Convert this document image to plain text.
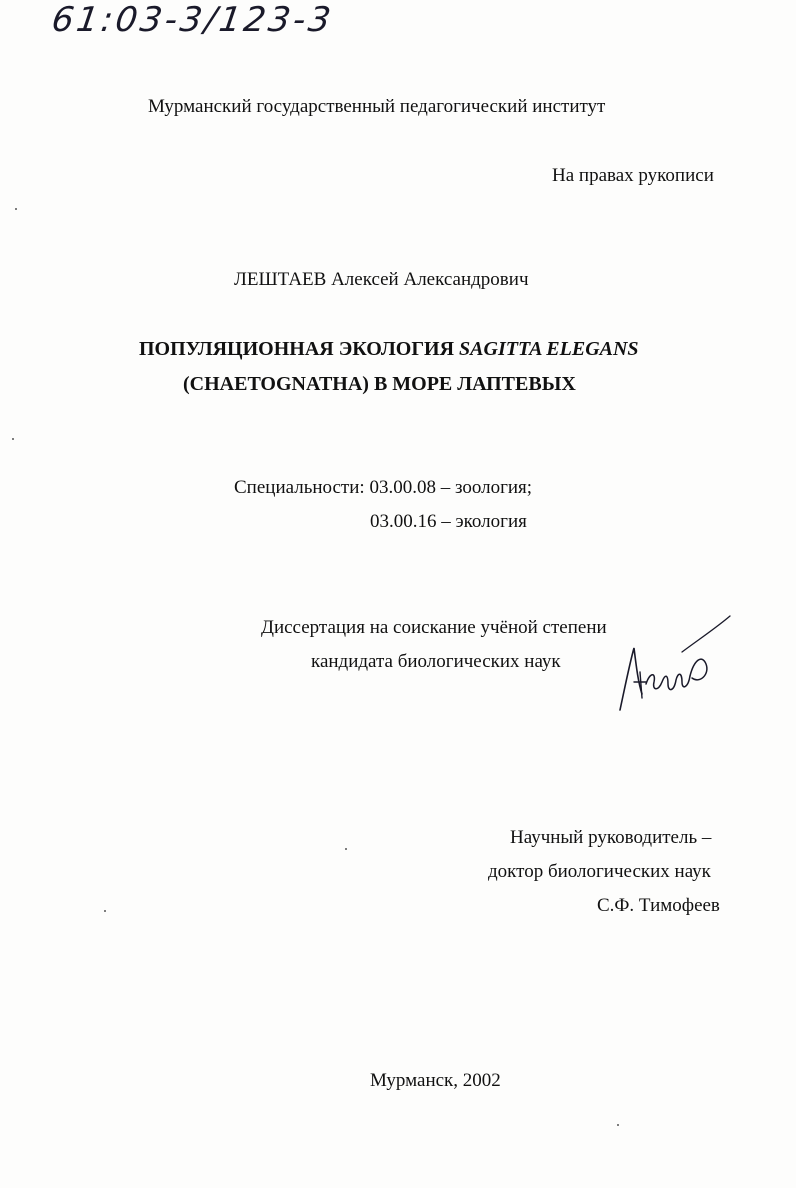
61:03-3/123-3
Мурманский государственный педагогический институт
На правах рукописи
ЛЕШТАЕВ Алексей Александрович
ПОПУЛЯЦИОННАЯ ЭКОЛОГИЯ SAGITTA ELEGANS
(CHAETOGNATHA) В МОРЕ ЛАПТЕВЫХ
Специальности: 03.00.08 – зоология;
03.00.16 – экология
Диссертация на соискание учёной степени
кандидата биологических наук
Научный руководитель –
доктор биологических наук
С.Ф. Тимофеев
Мурманск, 2002
